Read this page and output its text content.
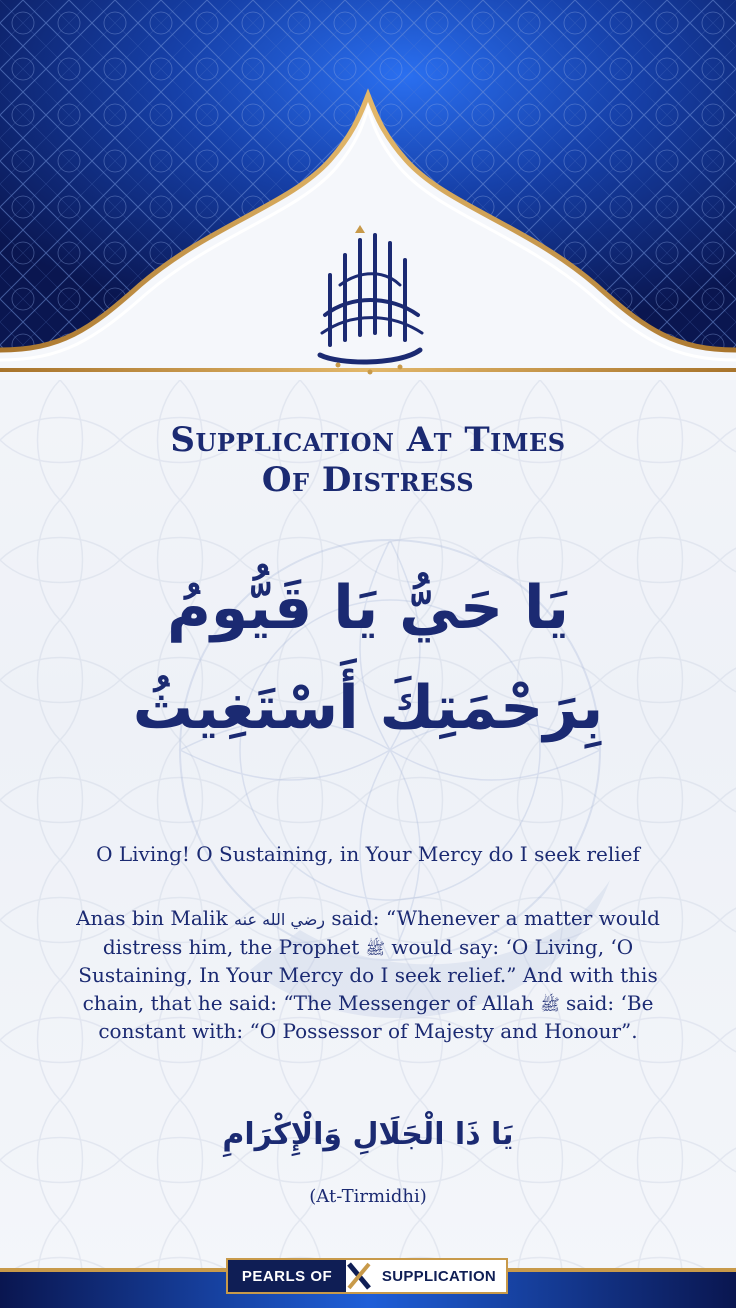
Supplication At Times
Of Distress
يَا حَيُّ يَا قَيُّومُ
بِرَحْمَتِكَ أَسْتَغِيثُ
O Living! O Sustaining, in Your Mercy do I seek relief
Anas bin Malik رضي الله عنه said: “Whenever a matter would distress him, the Prophet ﷺ would say: ‘O Living, ‘O Sustaining, In Your Mercy do I seek relief.” And with this chain, that he said: “The Messenger of Allah ﷺ said: ‘Be constant with: “O Possessor of Majesty and Honour”.
يَا ذَا الْجَلَالِ وَالْإِكْرَامِ
(At-Tirmidhi)
PEARLS OF	SUPPLICATION
